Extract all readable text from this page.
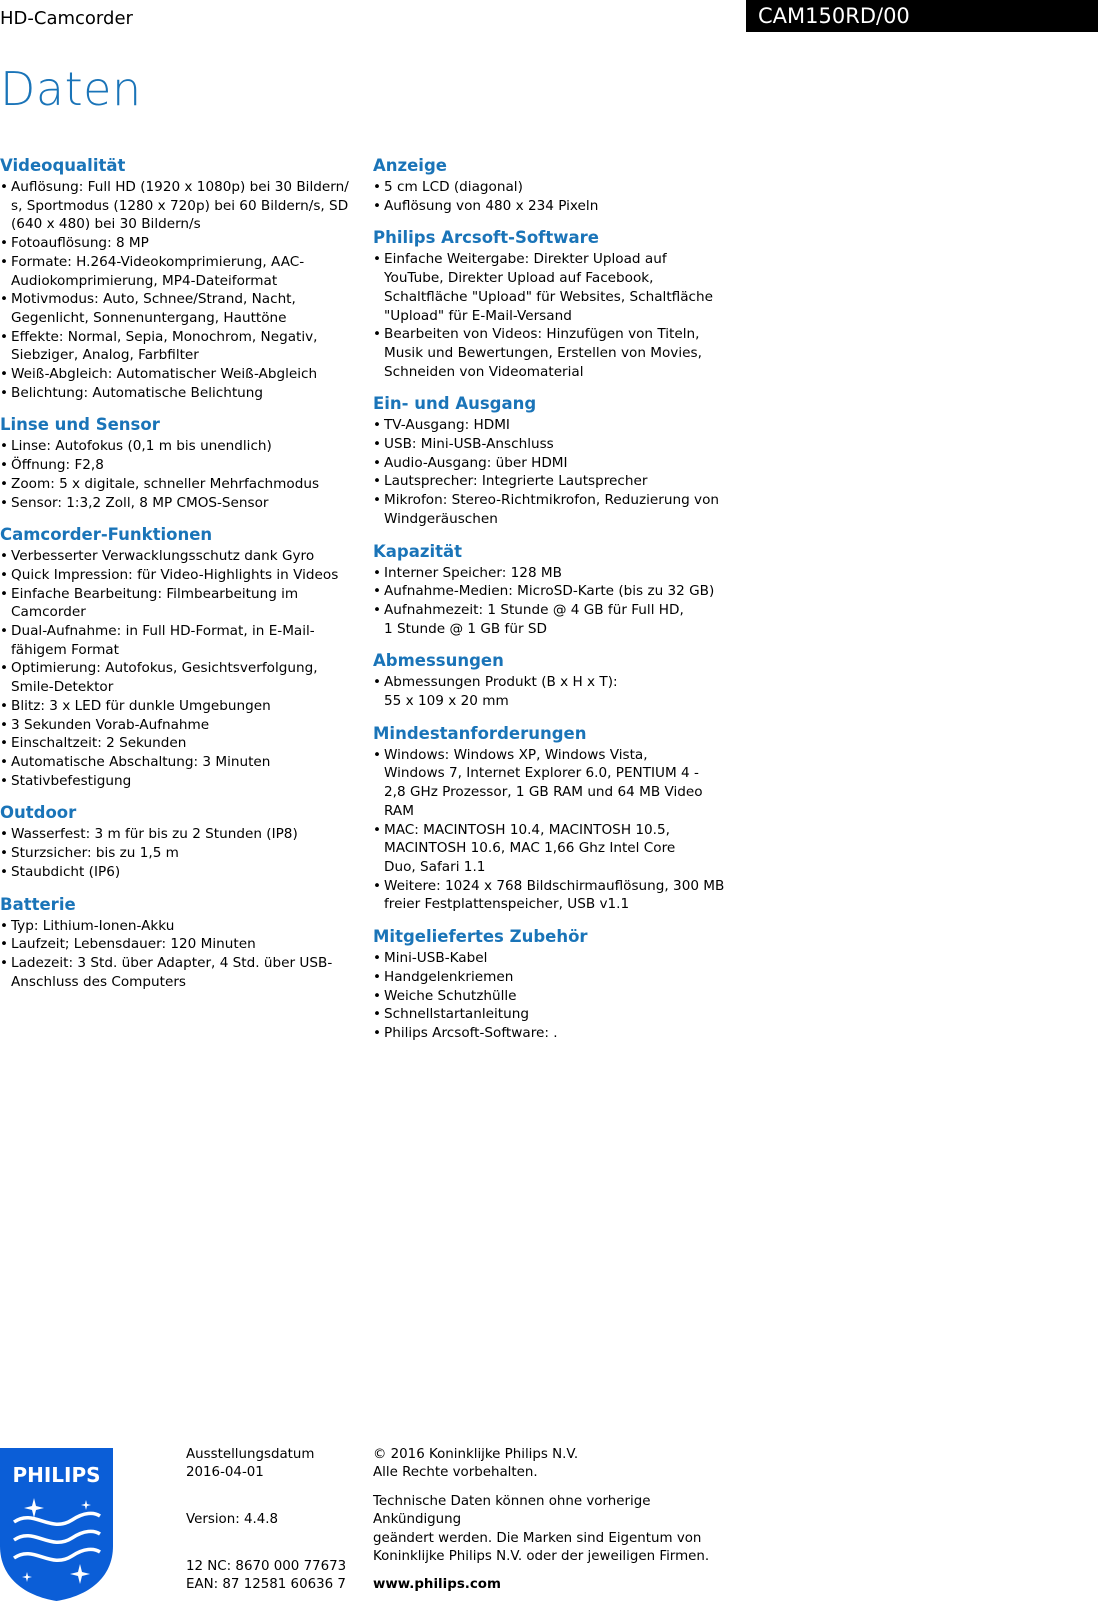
HD-Camcorder	CAM150RD/00
Daten
Videoqualität
• Auflösung: Full HD (1920 x 1080p) bei 30 Bildern/
s, Sportmodus (1280 x 720p) bei 60 Bildern/s, SD
(640 x 480) bei 30 Bildern/s
• Fotoauflösung: 8 MP
• Formate: H.264-Videokomprimierung, AAC-
Audiokomprimierung, MP4-Dateiformat
• Motivmodus: Auto, Schnee/Strand, Nacht,
Gegenlicht, Sonnenuntergang, Hauttöne
• Effekte: Normal, Sepia, Monochrom, Negativ,
Siebziger, Analog, Farbfilter
• Weiß-Abgleich: Automatischer Weiß-Abgleich
• Belichtung: Automatische Belichtung
Linse und Sensor
• Linse: Autofokus (0,1 m bis unendlich)
• Öffnung: F2,8
• Zoom: 5 x digitale, schneller Mehrfachmodus
• Sensor: 1:3,2 Zoll, 8 MP CMOS-Sensor
Camcorder-Funktionen
• Verbesserter Verwacklungsschutz dank Gyro
• Quick Impression: für Video-Highlights in Videos
• Einfache Bearbeitung: Filmbearbeitung im
Camcorder
• Dual-Aufnahme: in Full HD-Format, in E-Mail-
fähigem Format
• Optimierung: Autofokus, Gesichtsverfolgung,
Smile-Detektor
• Blitz: 3 x LED für dunkle Umgebungen
• 3 Sekunden Vorab-Aufnahme
• Einschaltzeit: 2 Sekunden
• Automatische Abschaltung: 3 Minuten
• Stativbefestigung
Outdoor
• Wasserfest: 3 m für bis zu 2 Stunden (IP8)
• Sturzsicher: bis zu 1,5 m
• Staubdicht (IP6)
Batterie
• Typ: Lithium-Ionen-Akku
• Laufzeit; Lebensdauer: 120 Minuten
• Ladezeit: 3 Std. über Adapter, 4 Std. über USB-
Anschluss des Computers
Anzeige
• 5 cm LCD (diagonal)
• Auflösung von 480 x 234 Pixeln
Philips Arcsoft-Software
• Einfache Weitergabe: Direkter Upload auf
YouTube, Direkter Upload auf Facebook,
Schaltfläche "Upload" für Websites, Schaltfläche
"Upload" für E-Mail-Versand
• Bearbeiten von Videos: Hinzufügen von Titeln,
Musik und Bewertungen, Erstellen von Movies,
Schneiden von Videomaterial
Ein- und Ausgang
• TV-Ausgang: HDMI
• USB: Mini-USB-Anschluss
• Audio-Ausgang: über HDMI
• Lautsprecher: Integrierte Lautsprecher
• Mikrofon: Stereo-Richtmikrofon, Reduzierung von
Windgeräuschen
Kapazität
• Interner Speicher: 128 MB
• Aufnahme-Medien: MicroSD-Karte (bis zu 32 GB)
• Aufnahmezeit: 1 Stunde @ 4 GB für Full HD,
1 Stunde @ 1 GB für SD
Abmessungen
• Abmessungen Produkt (B x H x T):
55 x 109 x 20 mm
Mindestanforderungen
• Windows: Windows XP, Windows Vista,
Windows 7, Internet Explorer 6.0, PENTIUM 4 -
2,8 GHz Prozessor, 1 GB RAM und 64 MB Video
RAM
• MAC: MACINTOSH 10.4, MACINTOSH 10.5,
MACINTOSH 10.6, MAC 1,66 Ghz Intel Core
Duo, Safari 1.1
• Weitere: 1024 x 768 Bildschirmauflösung, 300 MB
freier Festplattenspeicher, USB v1.1
Mitgeliefertes Zubehör
• Mini-USB-Kabel
• Handgelenkriemen
• Weiche Schutzhülle
• Schnellstartanleitung
• Philips Arcsoft-Software: .
PHILIPS
Ausstellungsdatum
2016-04-01
Version: 4.4.8
12 NC: 8670 000 77673
EAN: 87 12581 60636 7
© 2016 Koninklijke Philips N.V.
Alle Rechte vorbehalten.
Technische Daten können ohne vorherige Ankündigung
geändert werden. Die Marken sind Eigentum von
Koninklijke Philips N.V. oder der jeweiligen Firmen.
www.philips.com
